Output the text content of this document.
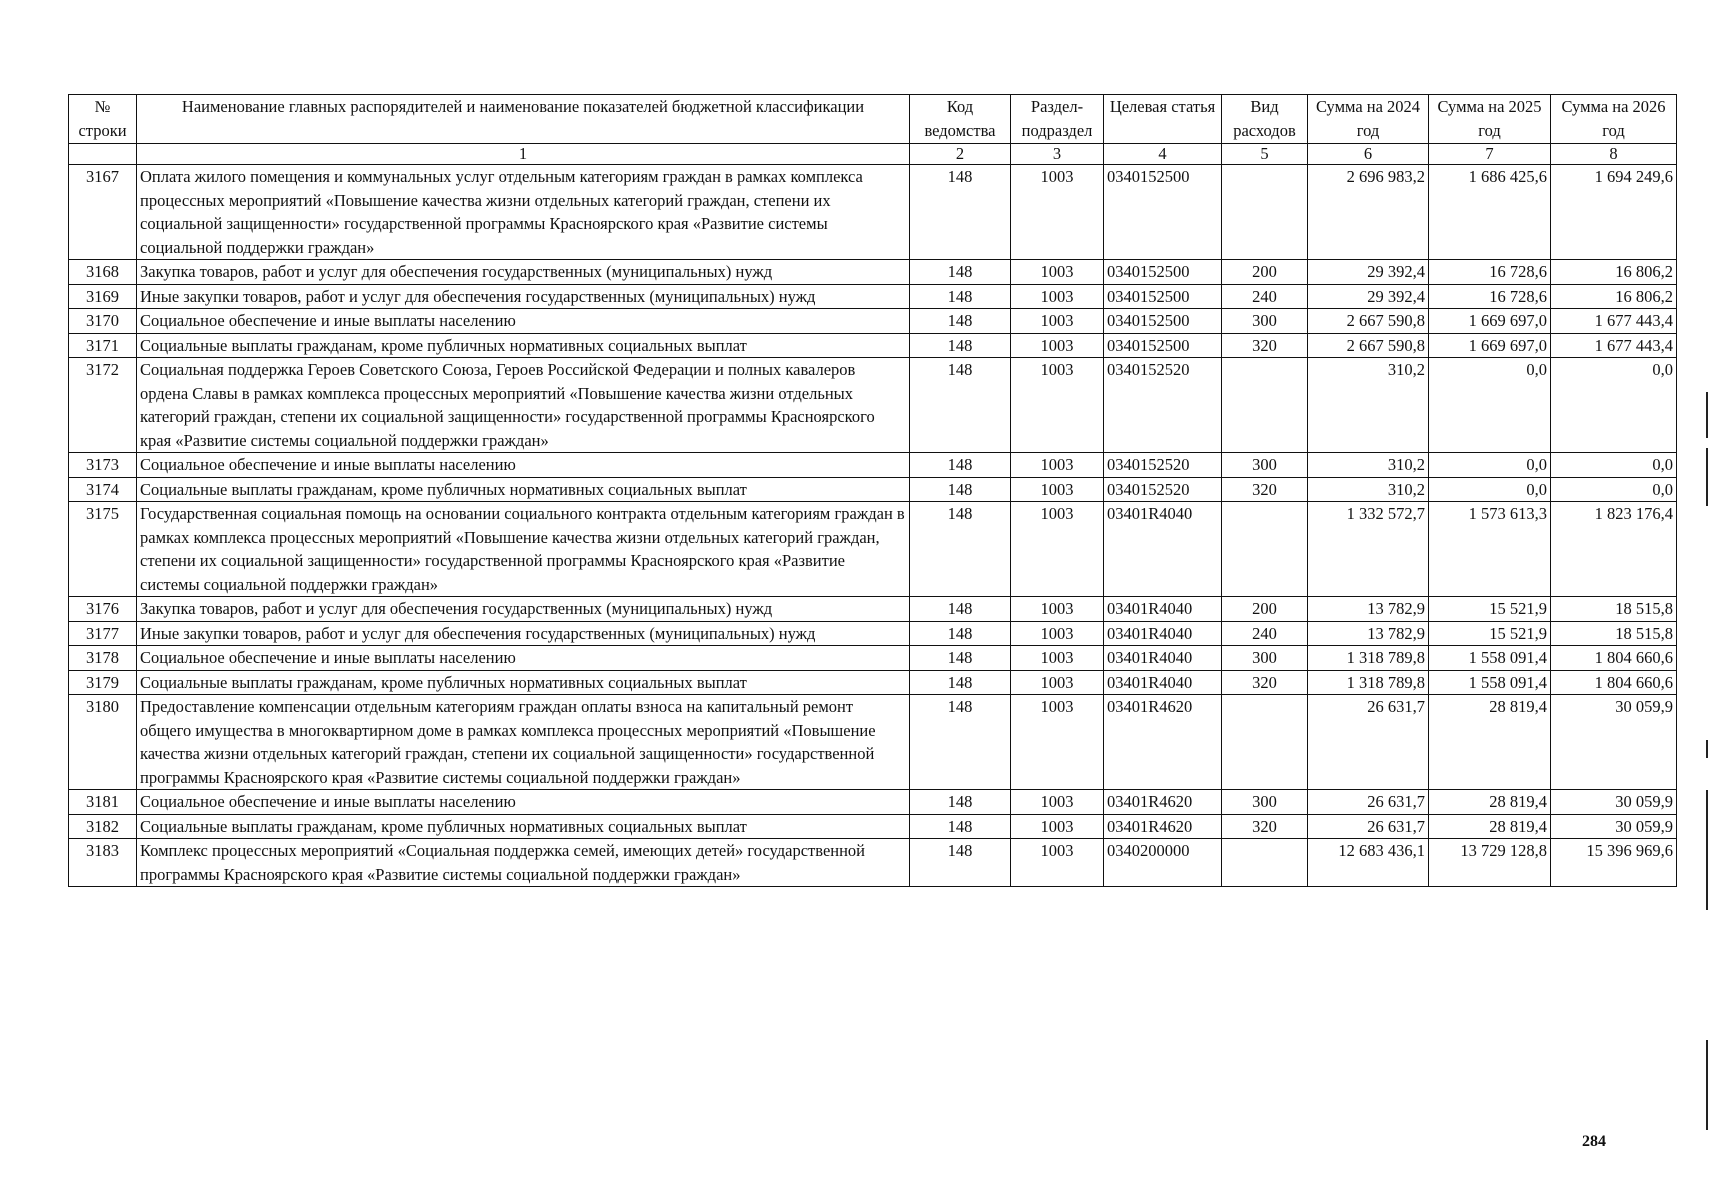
№ строки	Наименование главных распорядителей и наименование показателей бюджетной классификации	Код ведомства	Раздел-подраздел	Целевая статья	Вид расходов	Сумма на 2024 год	Сумма на 2025 год	Сумма на 2026 год
	1	2	3	4	5	6	7	8
3167	Оплата жилого помещения и коммунальных услуг отдельным категориям граждан в рамках комплекса процессных мероприятий «Повышение качества жизни отдельных категорий граждан, степени их социальной защищенности» государственной программы Красноярского края «Развитие системы социальной поддержки граждан»	148	1003	0340152500		2 696 983,2	1 686 425,6	1 694 249,6
3168	Закупка товаров, работ и услуг для обеспечения государственных (муниципальных) нужд	148	1003	0340152500	200	29 392,4	16 728,6	16 806,2
3169	Иные закупки товаров, работ и услуг для обеспечения государственных (муниципальных) нужд	148	1003	0340152500	240	29 392,4	16 728,6	16 806,2
3170	Социальное обеспечение и иные выплаты населению	148	1003	0340152500	300	2 667 590,8	1 669 697,0	1 677 443,4
3171	Социальные выплаты гражданам, кроме публичных нормативных социальных выплат	148	1003	0340152500	320	2 667 590,8	1 669 697,0	1 677 443,4
3172	Социальная поддержка Героев Советского Союза, Героев Российской Федерации и полных кавалеров ордена Славы в рамках комплекса процессных мероприятий «Повышение качества жизни отдельных категорий граждан, степени их социальной защищенности» государственной программы Красноярского края «Развитие системы социальной поддержки граждан»	148	1003	0340152520		310,2	0,0	0,0
3173	Социальное обеспечение и иные выплаты населению	148	1003	0340152520	300	310,2	0,0	0,0
3174	Социальные выплаты гражданам, кроме публичных нормативных социальных выплат	148	1003	0340152520	320	310,2	0,0	0,0
3175	Государственная социальная помощь на основании социального контракта отдельным категориям граждан в рамках комплекса процессных мероприятий «Повышение качества жизни отдельных категорий граждан, степени их социальной защищенности» государственной программы Красноярского края «Развитие системы социальной поддержки граждан»	148	1003	03401R4040		1 332 572,7	1 573 613,3	1 823 176,4
3176	Закупка товаров, работ и услуг для обеспечения государственных (муниципальных) нужд	148	1003	03401R4040	200	13 782,9	15 521,9	18 515,8
3177	Иные закупки товаров, работ и услуг для обеспечения государственных (муниципальных) нужд	148	1003	03401R4040	240	13 782,9	15 521,9	18 515,8
3178	Социальное обеспечение и иные выплаты населению	148	1003	03401R4040	300	1 318 789,8	1 558 091,4	1 804 660,6
3179	Социальные выплаты гражданам, кроме публичных нормативных социальных выплат	148	1003	03401R4040	320	1 318 789,8	1 558 091,4	1 804 660,6
3180	Предоставление компенсации отдельным категориям граждан оплаты взноса на капитальный ремонт общего имущества в многоквартирном доме в рамках комплекса процессных мероприятий «Повышение качества жизни отдельных категорий граждан, степени их социальной защищенности» государственной программы Красноярского края «Развитие системы социальной поддержки граждан»	148	1003	03401R4620		26 631,7	28 819,4	30 059,9
3181	Социальное обеспечение и иные выплаты населению	148	1003	03401R4620	300	26 631,7	28 819,4	30 059,9
3182	Социальные выплаты гражданам, кроме публичных нормативных социальных выплат	148	1003	03401R4620	320	26 631,7	28 819,4	30 059,9
3183	Комплекс процессных мероприятий «Социальная поддержка семей, имеющих детей» государственной программы Красноярского края «Развитие системы социальной поддержки граждан»	148	1003	0340200000		12 683 436,1	13 729 128,8	15 396 969,6
284
